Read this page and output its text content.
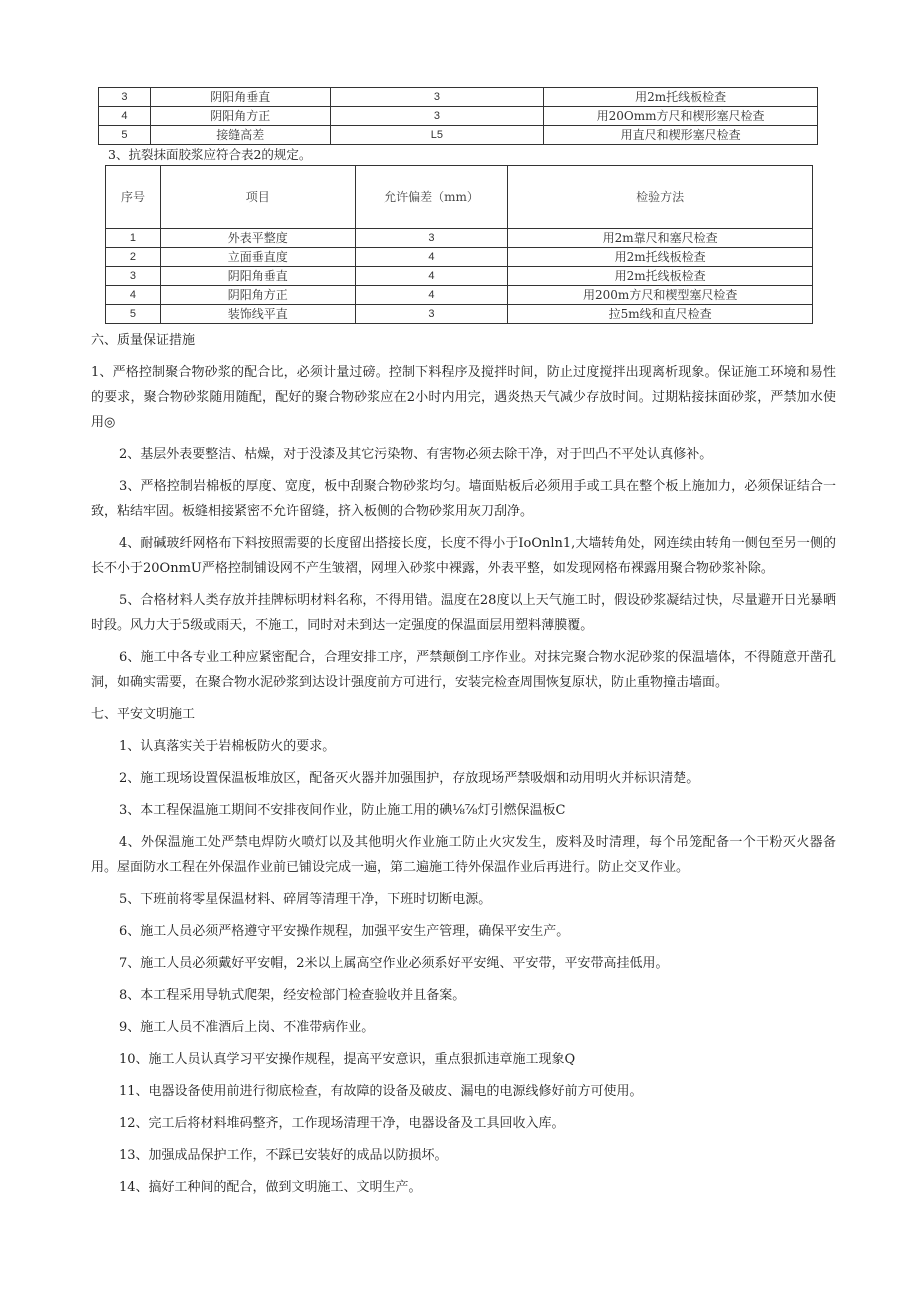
3	阴阳角垂直	3	用2m托线板检查
4	阴阳角方正	3	用20Omm方尺和楔形塞尺检查
5	接缝高差	L5	用直尺和楔形塞尺检查
3、抗裂抹面胶浆应符合表2的规定。
序号	项目	允许偏差（mm）	检验方法
1	外表平整度	3	用2m靠尺和塞尺检查
2	立面垂直度	4	用2m托线板检查
3	阴阳角垂直	4	用2m托线板检查
4	阴阳角方正	4	用200m方尺和楔型塞尺检查
5	装饰线平直	3	拉5m线和直尺检查

六、质量保证措施

1、严格控制聚合物砂浆的配合比，必须计量过磅。控制下料程序及搅拌时间，防止过度搅拌出现离析现象。保证施工环境和易性的要求，聚合物砂浆随用随配，配好的聚合物砂浆应在2小时内用完，遇炎热天气减少存放时间。过期粘接抹面砂浆，严禁加水使用◎

2、基层外表要整洁、枯燥，对于没漆及其它污染物、有害物必须去除干净，对于凹凸不平处认真修补。

3、严格控制岩棉板的厚度、宽度，板中刮聚合物砂浆均匀。墙面贴板后必须用手或工具在整个板上施加力，必须保证结合一致，粘结牢固。板缝相接紧密不允许留缝，挤入板侧的合物砂浆用灰刀刮净。

4、耐碱玻纤网格布下料按照需要的长度留出搭接长度，长度不得小于IoOnln1,大墙转角处，网连续由转角一侧包至另一侧的长不小于20OnmU严格控制铺设网不产生皱褶，网埋入砂浆中裸露，外表平整，如发现网格布裸露用聚合物砂浆补除。

5、合格材料人类存放并挂牌标明材料名称，不得用错。温度在28度以上天气施工时，假设砂浆凝结过快，尽量避开日光暴晒时段。风力大于5级或雨天，不施工，同时对未到达一定强度的保温面层用塑料薄膜覆。

6、施工中各专业工种应紧密配合，合理安排工序，严禁颠倒工序作业。对抹完聚合物水泥砂浆的保温墙体，不得随意开凿孔洞，如确实需要，在聚合物水泥砂浆到达设计强度前方可进行，安装完检查周围恢复原状，防止重物撞击墙面。

七、平安文明施工

1、认真落实关于岩棉板防火的要求。

2、施工现场设置保温板堆放区，配备灭火器并加强围护，存放现场严禁吸烟和动用明火并标识清楚。

3、本工程保温施工期间不安排夜间作业，防止施工用的碘⅛⅞灯引燃保温板C

4、外保温施工处严禁电焊防火喷灯以及其他明火作业施工防止火灾发生，废料及时清理，每个吊笼配备一个干粉灭火器备用。屋面防水工程在外保温作业前已铺设完成一遍，第二遍施工待外保温作业后再进行。防止交叉作业。

5、下班前将零星保温材料、碎屑等清理干净，下班时切断电源。

6、施工人员必须严格遵守平安操作规程，加强平安生产管理，确保平安生产。

7、施工人员必须戴好平安帽，2米以上属高空作业必须系好平安绳、平安带，平安带高挂低用。

8、本工程采用导轨式爬架，经安检部门检查验收并且备案。

9、施工人员不准酒后上岗、不准带病作业。

10、施工人员认真学习平安操作规程，提高平安意识，重点狠抓违章施工现象Q

11、电器设备使用前进行彻底检查，有故障的设备及破皮、漏电的电源线修好前方可使用。

12、完工后将材料堆码整齐，工作现场清理干净，电器设备及工具回收入库。

13、加强成品保护工作，不踩已安装好的成品以防损坏。

14、搞好工种间的配合，做到文明施工、文明生产。
